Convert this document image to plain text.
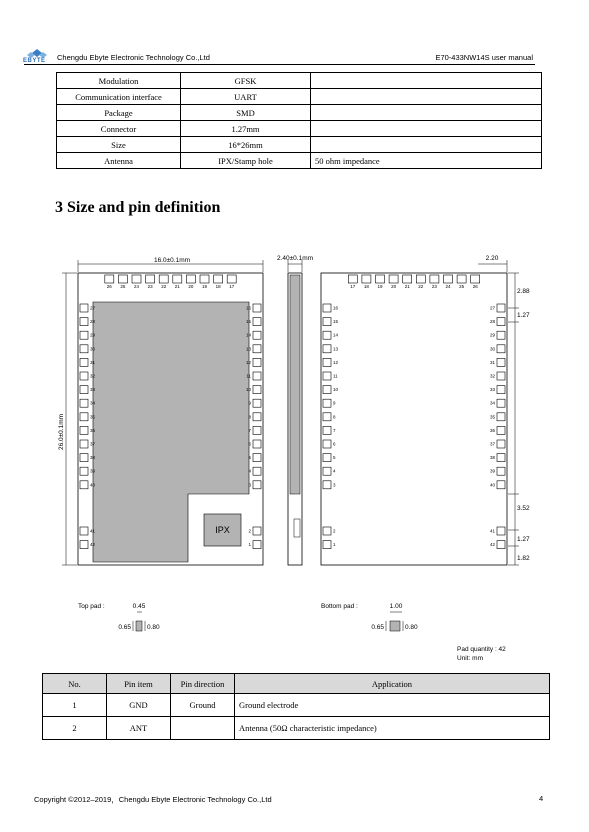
EBYTE Chengdu Ebyte Electronic Technology Co.,Ltd	E70-433NW14S user manual
Modulation	GFSK	
Communication interface	UART	
Package	SMD	
Connector	1.27mm	
Size	16*26mm	
Antenna	IPX/Stamp hole	50 ohm impedance
3 Size and pin definition
IPX
26 25 24 23 22 21 20 19 18 17
27
28
29
30
31
32
33
34
35
36
37
38
39
40
16
15
14
13
12
11
10
9
8
7
6
5
4
3
41
42
2
1
16.0±0.1mm
26.0±0.1mm
2.40±0.1mm
17 18 19 20 21 22 23 24 25 26
16
15
14
13
12
11
10
9
8
7
6
5
4
3
27
28
29
30
31
32
33
34
35
36
37
38
39
40
2
1
41
42
2.20
2.88
1.27
3.52
1.27
1.82
Top pad :	0.45
0.65 0.80
Bottom pad :	1.00
0.65	0.80
Pad quantity : 42
Unit: mm
No.	Pin item	Pin direction	Application
1	GND	Ground	Ground electrode
2	ANT		Antenna (50Ω characteristic impedance)
Copyright ©2012–2019，Chengdu Ebyte Electronic Technology Co.,Ltd	4
